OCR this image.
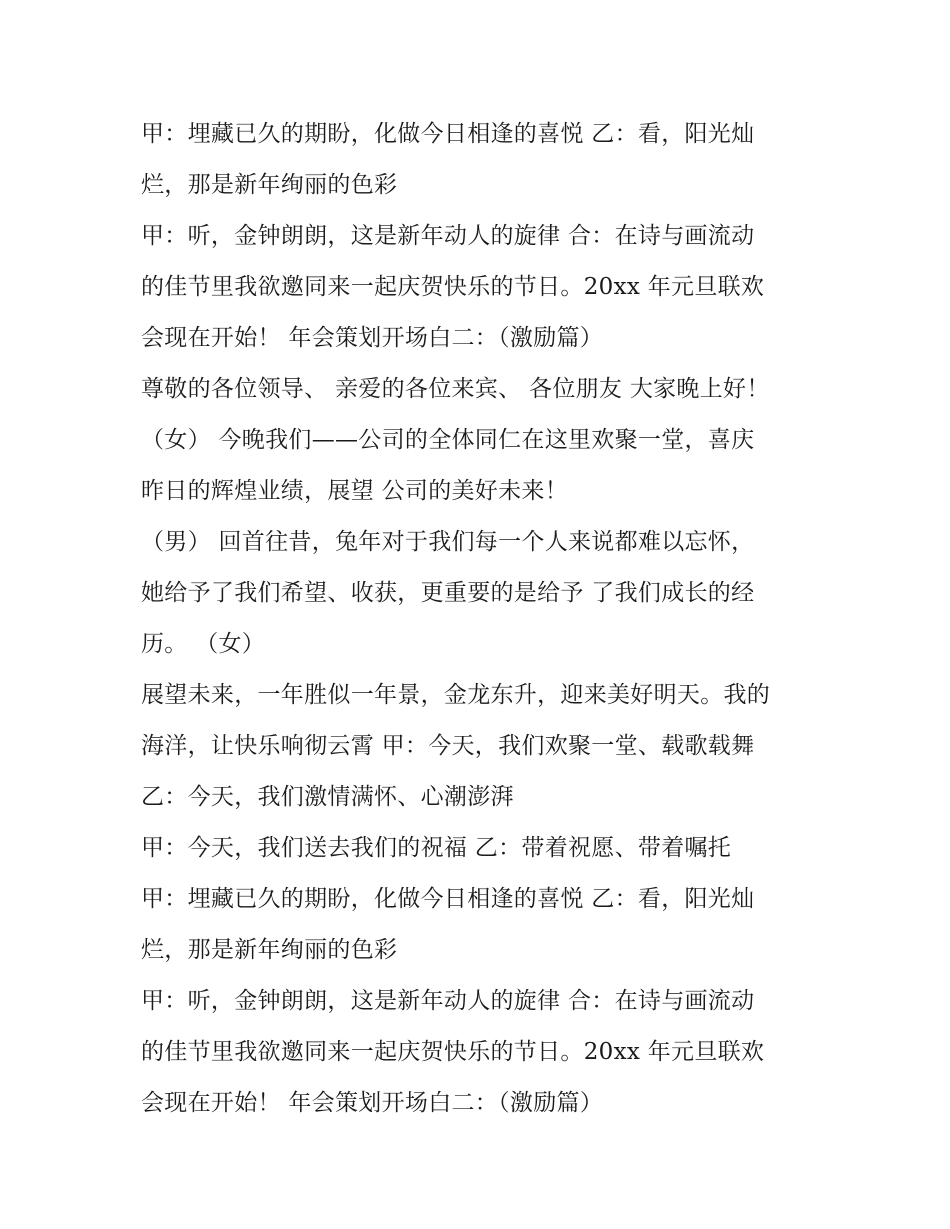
甲：埋藏已久的期盼，化做今日相逢的喜悦 乙：看，阳光灿
烂，那是新年绚丽的色彩
甲：听，金钟朗朗，这是新年动人的旋律 合：在诗与画流动
的佳节里我欲邀同来一起庆贺快乐的节日。20xx 年元旦联欢
会现在开始！ 年会策划开场白二：（激励篇）
尊敬的各位领导、 亲爱的各位来宾、 各位朋友 大家晚上好！
（女） 今晚我们——公司的全体同仁在这里欢聚一堂，喜庆
昨日的辉煌业绩，展望 公司的美好未来！
（男） 回首往昔，兔年对于我们每一个人来说都难以忘怀，
她给予了我们希望、收获，更重要的是给予 了我们成长的经
历。 （女）
展望未来，一年胜似一年景，金龙东升，迎来美好明天。我的
海洋，让快乐响彻云霄 甲：今天，我们欢聚一堂、载歌载舞
乙：今天，我们激情满怀、心潮澎湃
甲：今天，我们送去我们的祝福 乙：带着祝愿、带着嘱托
甲：埋藏已久的期盼，化做今日相逢的喜悦 乙：看，阳光灿
烂，那是新年绚丽的色彩
甲：听，金钟朗朗，这是新年动人的旋律 合：在诗与画流动
的佳节里我欲邀同来一起庆贺快乐的节日。20xx 年元旦联欢
会现在开始！ 年会策划开场白二：（激励篇）
